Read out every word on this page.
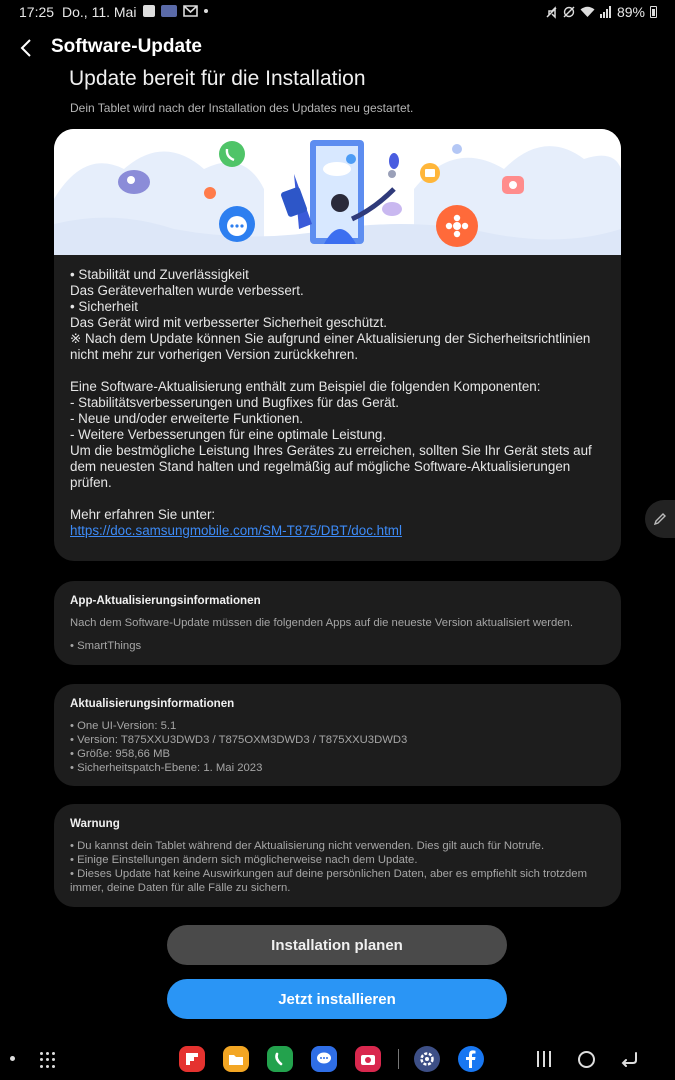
17:25 Do., 11. Mai	89%
Software-Update
Update bereit für die Installation
Dein Tablet wird nach der Installation des Updates neu gestartet.
• Stabilität und Zuverlässigkeit
Das Geräteverhalten wurde verbessert.
• Sicherheit
Das Gerät wird mit verbesserter Sicherheit geschützt.
※ Nach dem Update können Sie aufgrund einer Aktualisierung der Sicherheitsrichtlinien nicht mehr zur vorherigen Version zurückkehren.

Eine Software-Aktualisierung enthält zum Beispiel die folgenden Komponenten:
- Stabilitätsverbesserungen und Bugfixes für das Gerät.
- Neue und/oder erweiterte Funktionen.
- Weitere Verbesserungen für eine optimale Leistung.
Um die bestmögliche Leistung Ihres Gerätes zu erreichen, sollten Sie Ihr Gerät stets auf dem neuesten Stand halten und regelmäßig auf mögliche Software-Aktualisierungen prüfen.

Mehr erfahren Sie unter:
https://doc.samsungmobile.com/SM-T875/DBT/doc.html
App-Aktualisierungsinformationen
Nach dem Software-Update müssen die folgenden Apps auf die neueste Version aktualisiert werden.
• SmartThings
Aktualisierungsinformationen
• One UI-Version: 5.1
• Version: T875XXU3DWD3 / T875OXM3DWD3 / T875XXU3DWD3
• Größe: 958,66 MB
• Sicherheitspatch-Ebene: 1. Mai 2023
Warnung
• Du kannst dein Tablet während der Aktualisierung nicht verwenden. Dies gilt auch für Notrufe.
• Einige Einstellungen ändern sich möglicherweise nach dem Update.
• Dieses Update hat keine Auswirkungen auf deine persönlichen Daten, aber es empfiehlt sich trotzdem immer, deine Daten für alle Fälle zu sichern.
Installation planen
Jetzt installieren
